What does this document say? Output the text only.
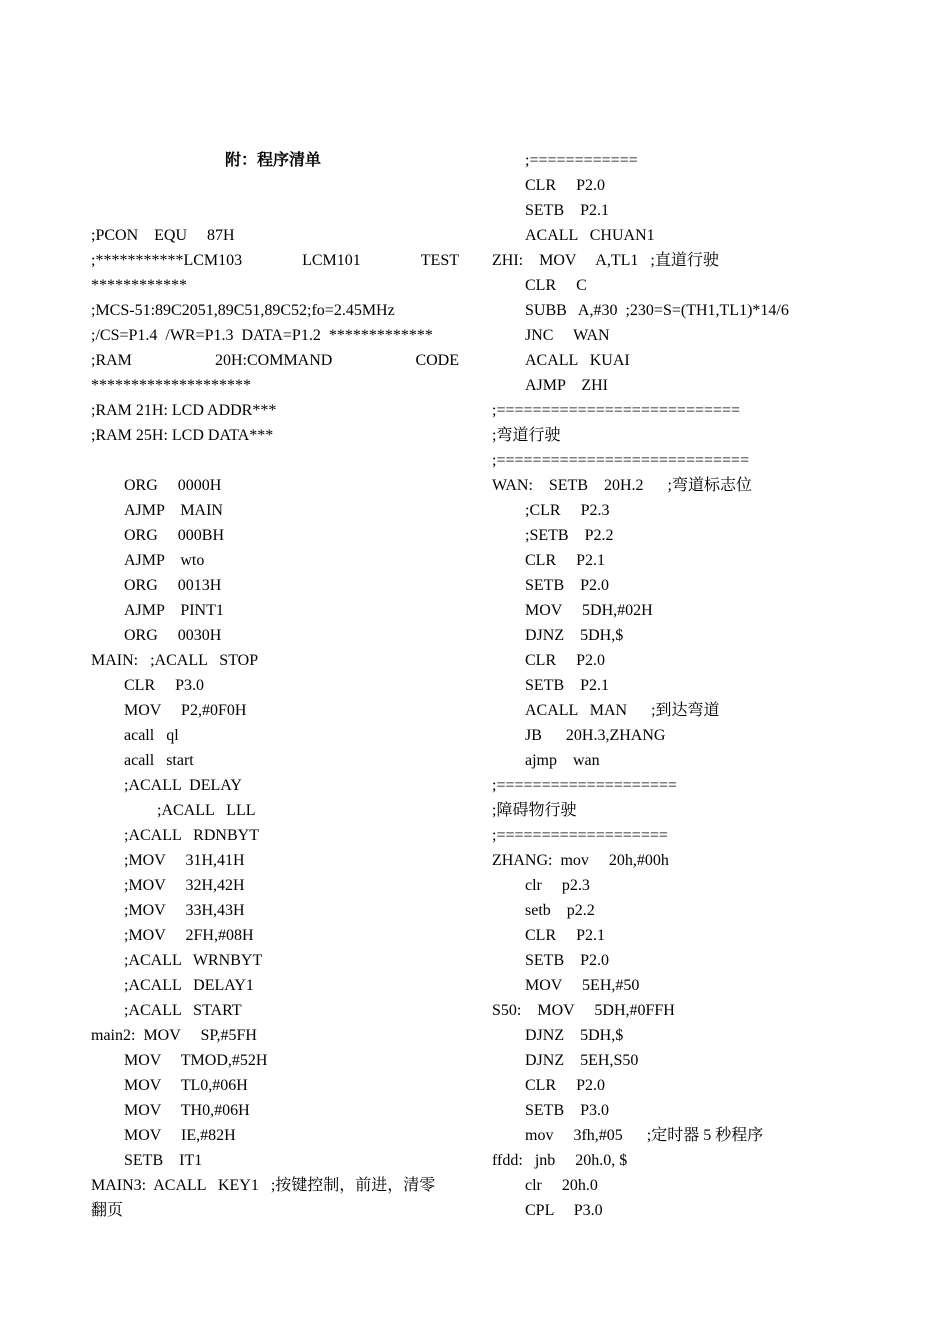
附：程序清单
;PCON    EQU     87H
;***********LCM103	LCM101	TEST
************
;MCS-51:89C2051,89C51,89C52;fo=2.45MHz
;/CS=P1.4  /WR=P1.3  DATA=P1.2  *************
;RAM	20H:COMMAND	CODE
********************
;RAM 21H: LCD ADDR***
;RAM 25H: LCD DATA***
ORG     0000H
AJMP    MAIN
ORG     000BH
AJMP    wto
ORG     0013H
AJMP    PINT1
ORG     0030H
MAIN:   ;ACALL   STOP
CLR     P3.0
MOV     P2,#0F0H
acall   ql
acall   start
;ACALL  DELAY
;ACALL   LLL
;ACALL   RDNBYT
;MOV     31H,41H
;MOV     32H,42H
;MOV     33H,43H
;MOV     2FH,#08H
;ACALL   WRNBYT
;ACALL   DELAY1
;ACALL   START
main2:  MOV     SP,#5FH
MOV     TMOD,#52H
MOV     TL0,#06H
MOV     TH0,#06H
MOV     IE,#82H
SETB    IT1
MAIN3:  ACALL   KEY1   ;按键控制，前进，清零
翻页
;============
CLR     P2.0
SETB    P2.1
ACALL   CHUAN1
ZHI:    MOV     A,TL1   ;直道行驶
CLR     C
SUBB   A,#30  ;230=S=(TH1,TL1)*14/6
JNC     WAN
ACALL   KUAI
AJMP    ZHI
;===========================
;弯道行驶
;============================
WAN:    SETB    20H.2      ;弯道标志位
;CLR     P2.3
;SETB    P2.2
CLR     P2.1
SETB    P2.0
MOV     5DH,#02H
DJNZ    5DH,$
CLR     P2.0
SETB    P2.1
ACALL   MAN      ;到达弯道
JB      20H.3,ZHANG
ajmp    wan
;====================
;障碍物行驶
;===================
ZHANG:  mov     20h,#00h
clr     p2.3
setb    p2.2
CLR     P2.1
SETB    P2.0
MOV     5EH,#50
S50:    MOV     5DH,#0FFH
DJNZ    5DH,$
DJNZ    5EH,S50
CLR     P2.0
SETB    P3.0
mov     3fh,#05      ;定时器 5 秒程序
ffdd:   jnb     20h.0, $
clr     20h.0
CPL     P3.0
